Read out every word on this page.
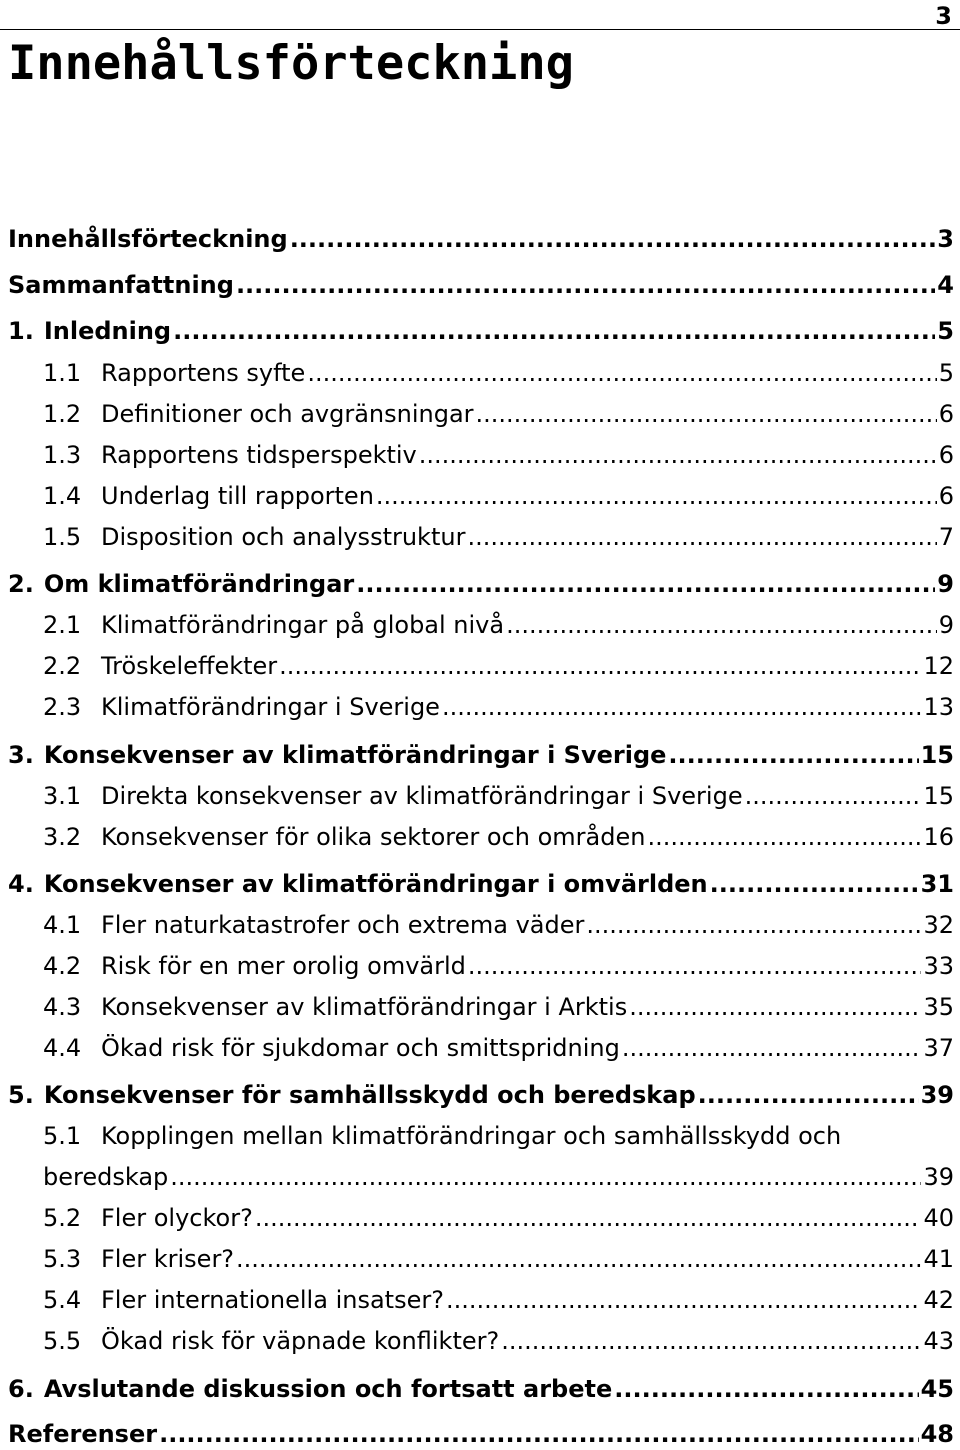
3
Innehållsförteckning
Innehållsförteckning .....	3
Sammanfattning .....	4
1. Inledning .....	5
1.1 Rapportens syfte .....	5
1.2 Definitioner och avgränsningar .....	6
1.3 Rapportens tidsperspektiv .....	6
1.4 Underlag till rapporten .....	6
1.5 Disposition och analysstruktur .....	7
2. Om klimatförändringar .....	9
2.1 Klimatförändringar på global nivå .....	9
2.2 Tröskeleffekter .....	12
2.3 Klimatförändringar i Sverige .....	13
3. Konsekvenser av klimatförändringar i Sverige .....	15
3.1 Direkta konsekvenser av klimatförändringar i Sverige .....	15
3.2 Konsekvenser för olika sektorer och områden .....	16
4. Konsekvenser av klimatförändringar i omvärlden .....	31
4.1 Fler naturkatastrofer och extrema väder .....	32
4.2 Risk för en mer orolig omvärld .....	33
4.3 Konsekvenser av klimatförändringar i Arktis .....	35
4.4 Ökad risk för sjukdomar och smittspridning .....	37
5. Konsekvenser för samhällsskydd och beredskap .....	39
5.1 Kopplingen mellan klimatförändringar och samhällsskydd och
beredskap .....	39
5.2 Fler olyckor? .....	40
5.3 Fler kriser? .....	41
5.4 Fler internationella insatser? .....	42
5.5 Ökad risk för väpnade konflikter? .....	43
6. Avslutande diskussion och fortsatt arbete .....	45
Referenser .....	48
